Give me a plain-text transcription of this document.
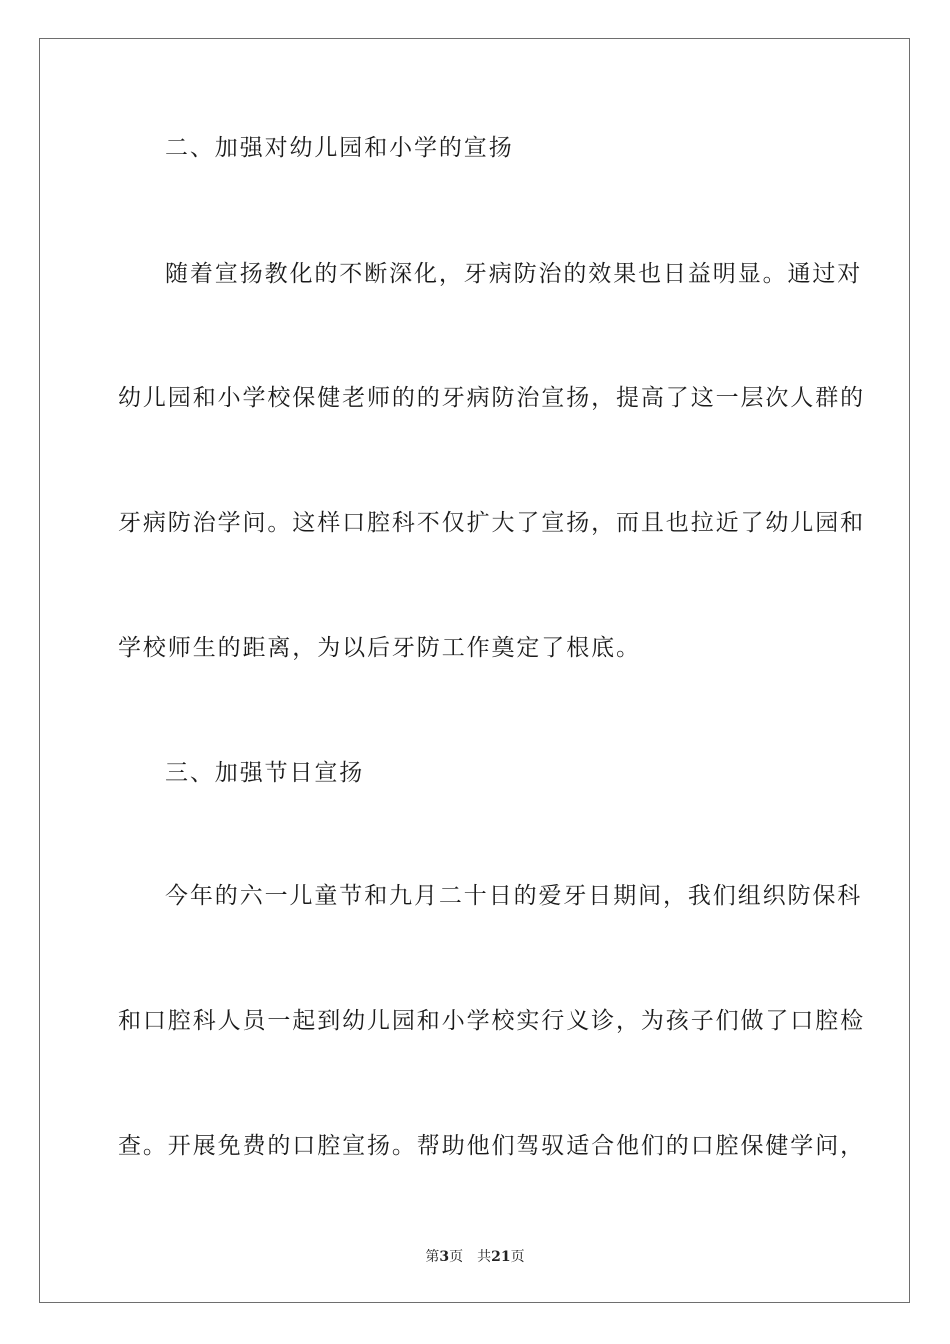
二、加强对幼儿园和小学的宣扬
随着宣扬教化的不断深化，牙病防治的效果也日益明显。通过对
幼儿园和小学校保健老师的的牙病防治宣扬，提高了这一层次人群的
牙病防治学问。这样口腔科不仅扩大了宣扬，而且也拉近了幼儿园和
学校师生的距离，为以后牙防工作奠定了根底。
三、加强节日宣扬
今年的六一儿童节和九月二十日的爱牙日期间，我们组织防保科
和口腔科人员一起到幼儿园和小学校实行义诊，为孩子们做了口腔检
查。开展免费的口腔宣扬。帮助他们驾驭适合他们的口腔保健学问，
第3页 共21页
